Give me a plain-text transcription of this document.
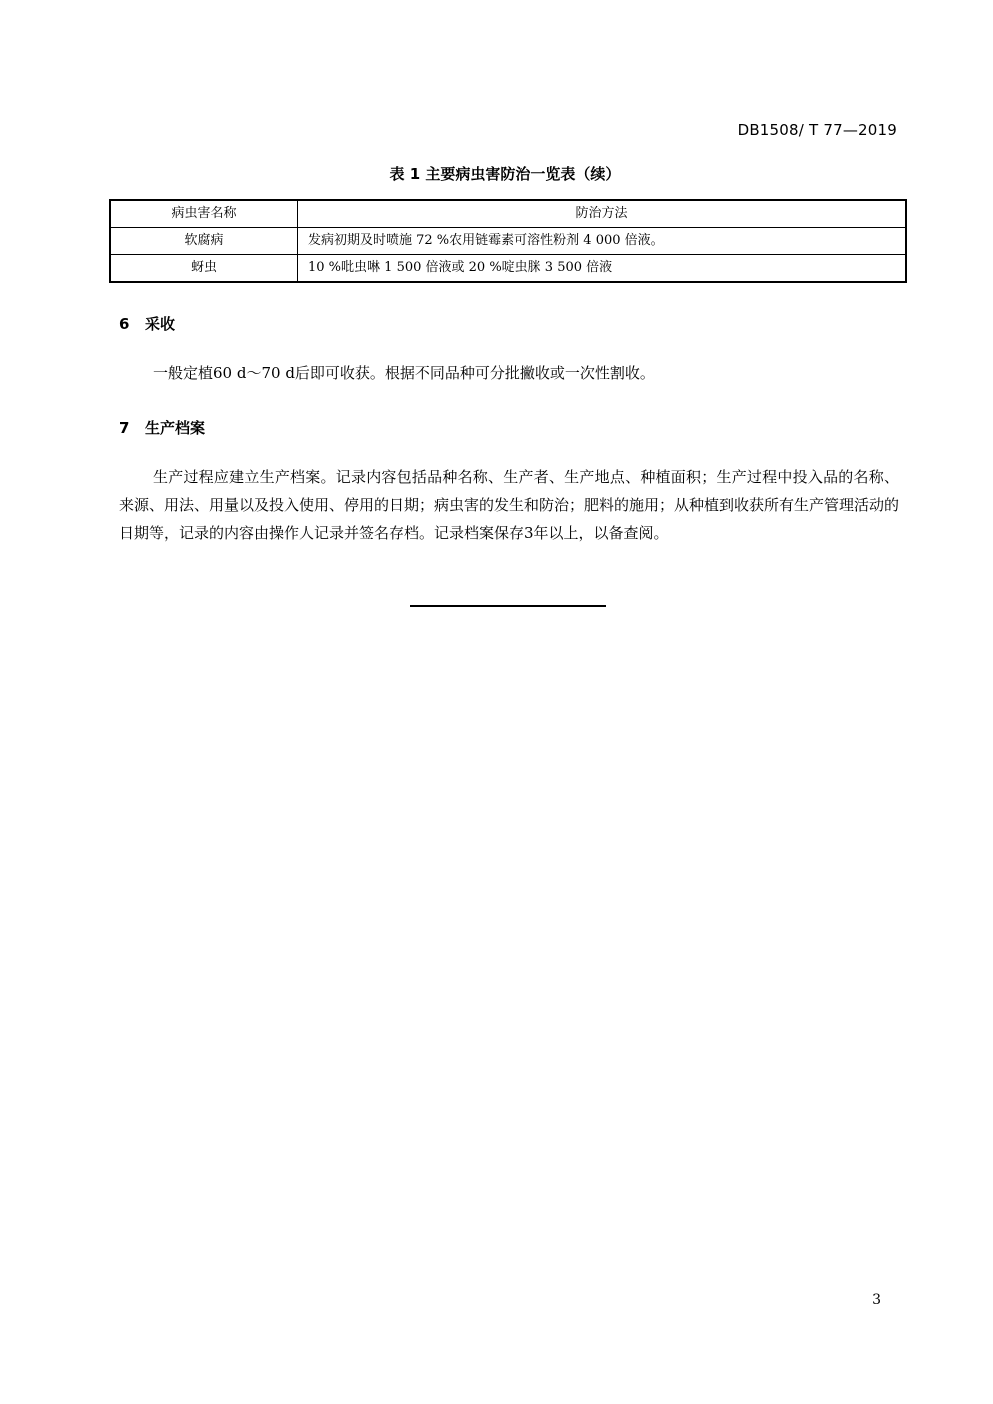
DB1508/ T 77—2019
表 1 主要病虫害防治一览表（续）
病虫害名称	防治方法
软腐病	发病初期及时喷施 72 %农用链霉素可溶性粉剂 4 000 倍液。
蚜虫	10 %吡虫啉 1 500 倍液或 20 %啶虫脒 3 500 倍液
6 采收
一般定植60 d～70 d后即可收获。根据不同品种可分批撇收或一次性割收。
7 生产档案
生产过程应建立生产档案。记录内容包括品种名称、生产者、生产地点、种植面积；生产过程中投入品的名称、来源、用法、用量以及投入使用、停用的日期；病虫害的发生和防治；肥料的施用；从种植到收获所有生产管理活动的日期等，记录的内容由操作人记录并签名存档。记录档案保存3年以上，以备查阅。
3
